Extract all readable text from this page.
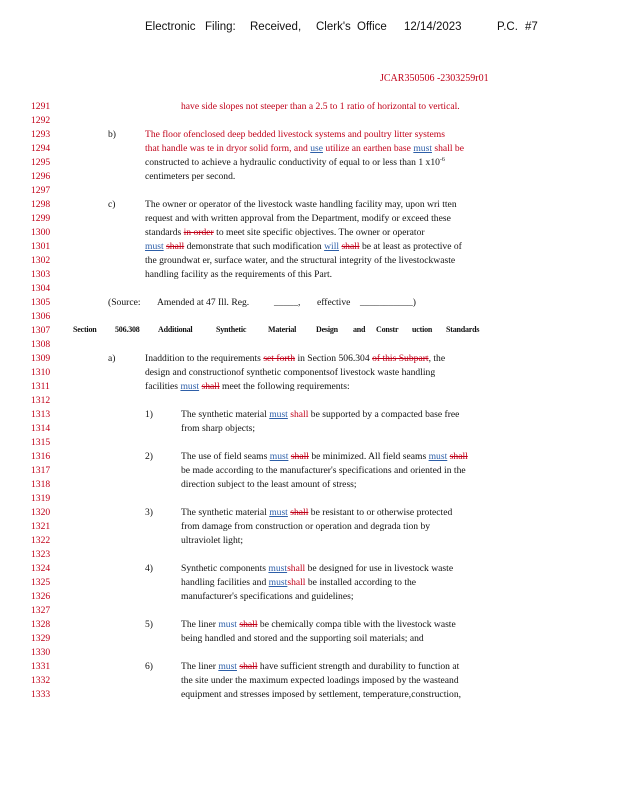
Electronic Filing: Received, Clerk's Office 12/14/2023	P.C. #7
JCAR350506 -2303259r01
1291
1292
1293
1294
1295
1296
1297
1298
1299
1300
1301
1302
1303
1304
1305
1306
1307
1308
1309
1310
1311
1312
1313
1314
1315
1316
1317
1318
1319
1320
1321
1322
1323
1324
1325
1326
1327
1328
1329
1330
1331
1332
1333
have side slopes not steeper than a 2.5 to 1 ratio of horizontal to vertical.
b)	The floor ofenclosed deep bedded livestock systems and poultry litter systems
that handle was te in dryor solid form, and use utilize an earthen base must shall be
constructed to achieve a hydraulic conductivity of equal to or less than 1 $x10^{-6}$
centimeters per second.
c)	The owner or operator of the livestock waste handling facility may, upon wri tten
request and with written approval from the Department, modify or exceed these
standards in order to meet site specific objectives. The owner or operator
must shall demonstrate that such modification will shall be at least as protective of
the groundwat er, surface water, and the structural integrity of the livestockwaste
handling facility as the requirements of this Part.
(Source: Amended at 47 Ill. Reg.	_____, effective ___________)
Section 506.308 Additional	Synthetic	Material Design and Constr uction Standards
a)	Inaddition to the requirements set forth in Section 506.304 of this Subpart, the
design and constructionof synthetic componentsof livestock waste handling
facilities must shall meet the following requirements:
1)	The synthetic material must shall be supported by a compacted base free
from sharp objects;
2)	The use of field seams must shall be minimized. All field seams must shall
be made according to the manufacturer's specifications and oriented in the
direction subject to the least amount of stress;
3)	The synthetic material must shall be resistant to or otherwise protected
from damage from construction or operation and degrada tion by
ultraviolet light;
4)	Synthetic components mustshall be designed for use in livestock waste
handling facilities and mustshall be installed according to the
manufacturer's specifications and guidelines;
5)	The liner must shall be chemically compa tible with the livestock waste
being handled and stored and the supporting soil materials; and
6)	The liner must shall have sufficient strength and durability to function at
the site under the maximum expected loadings imposed by the wasteand
equipment and stresses imposed by settlement, temperature,construction,
